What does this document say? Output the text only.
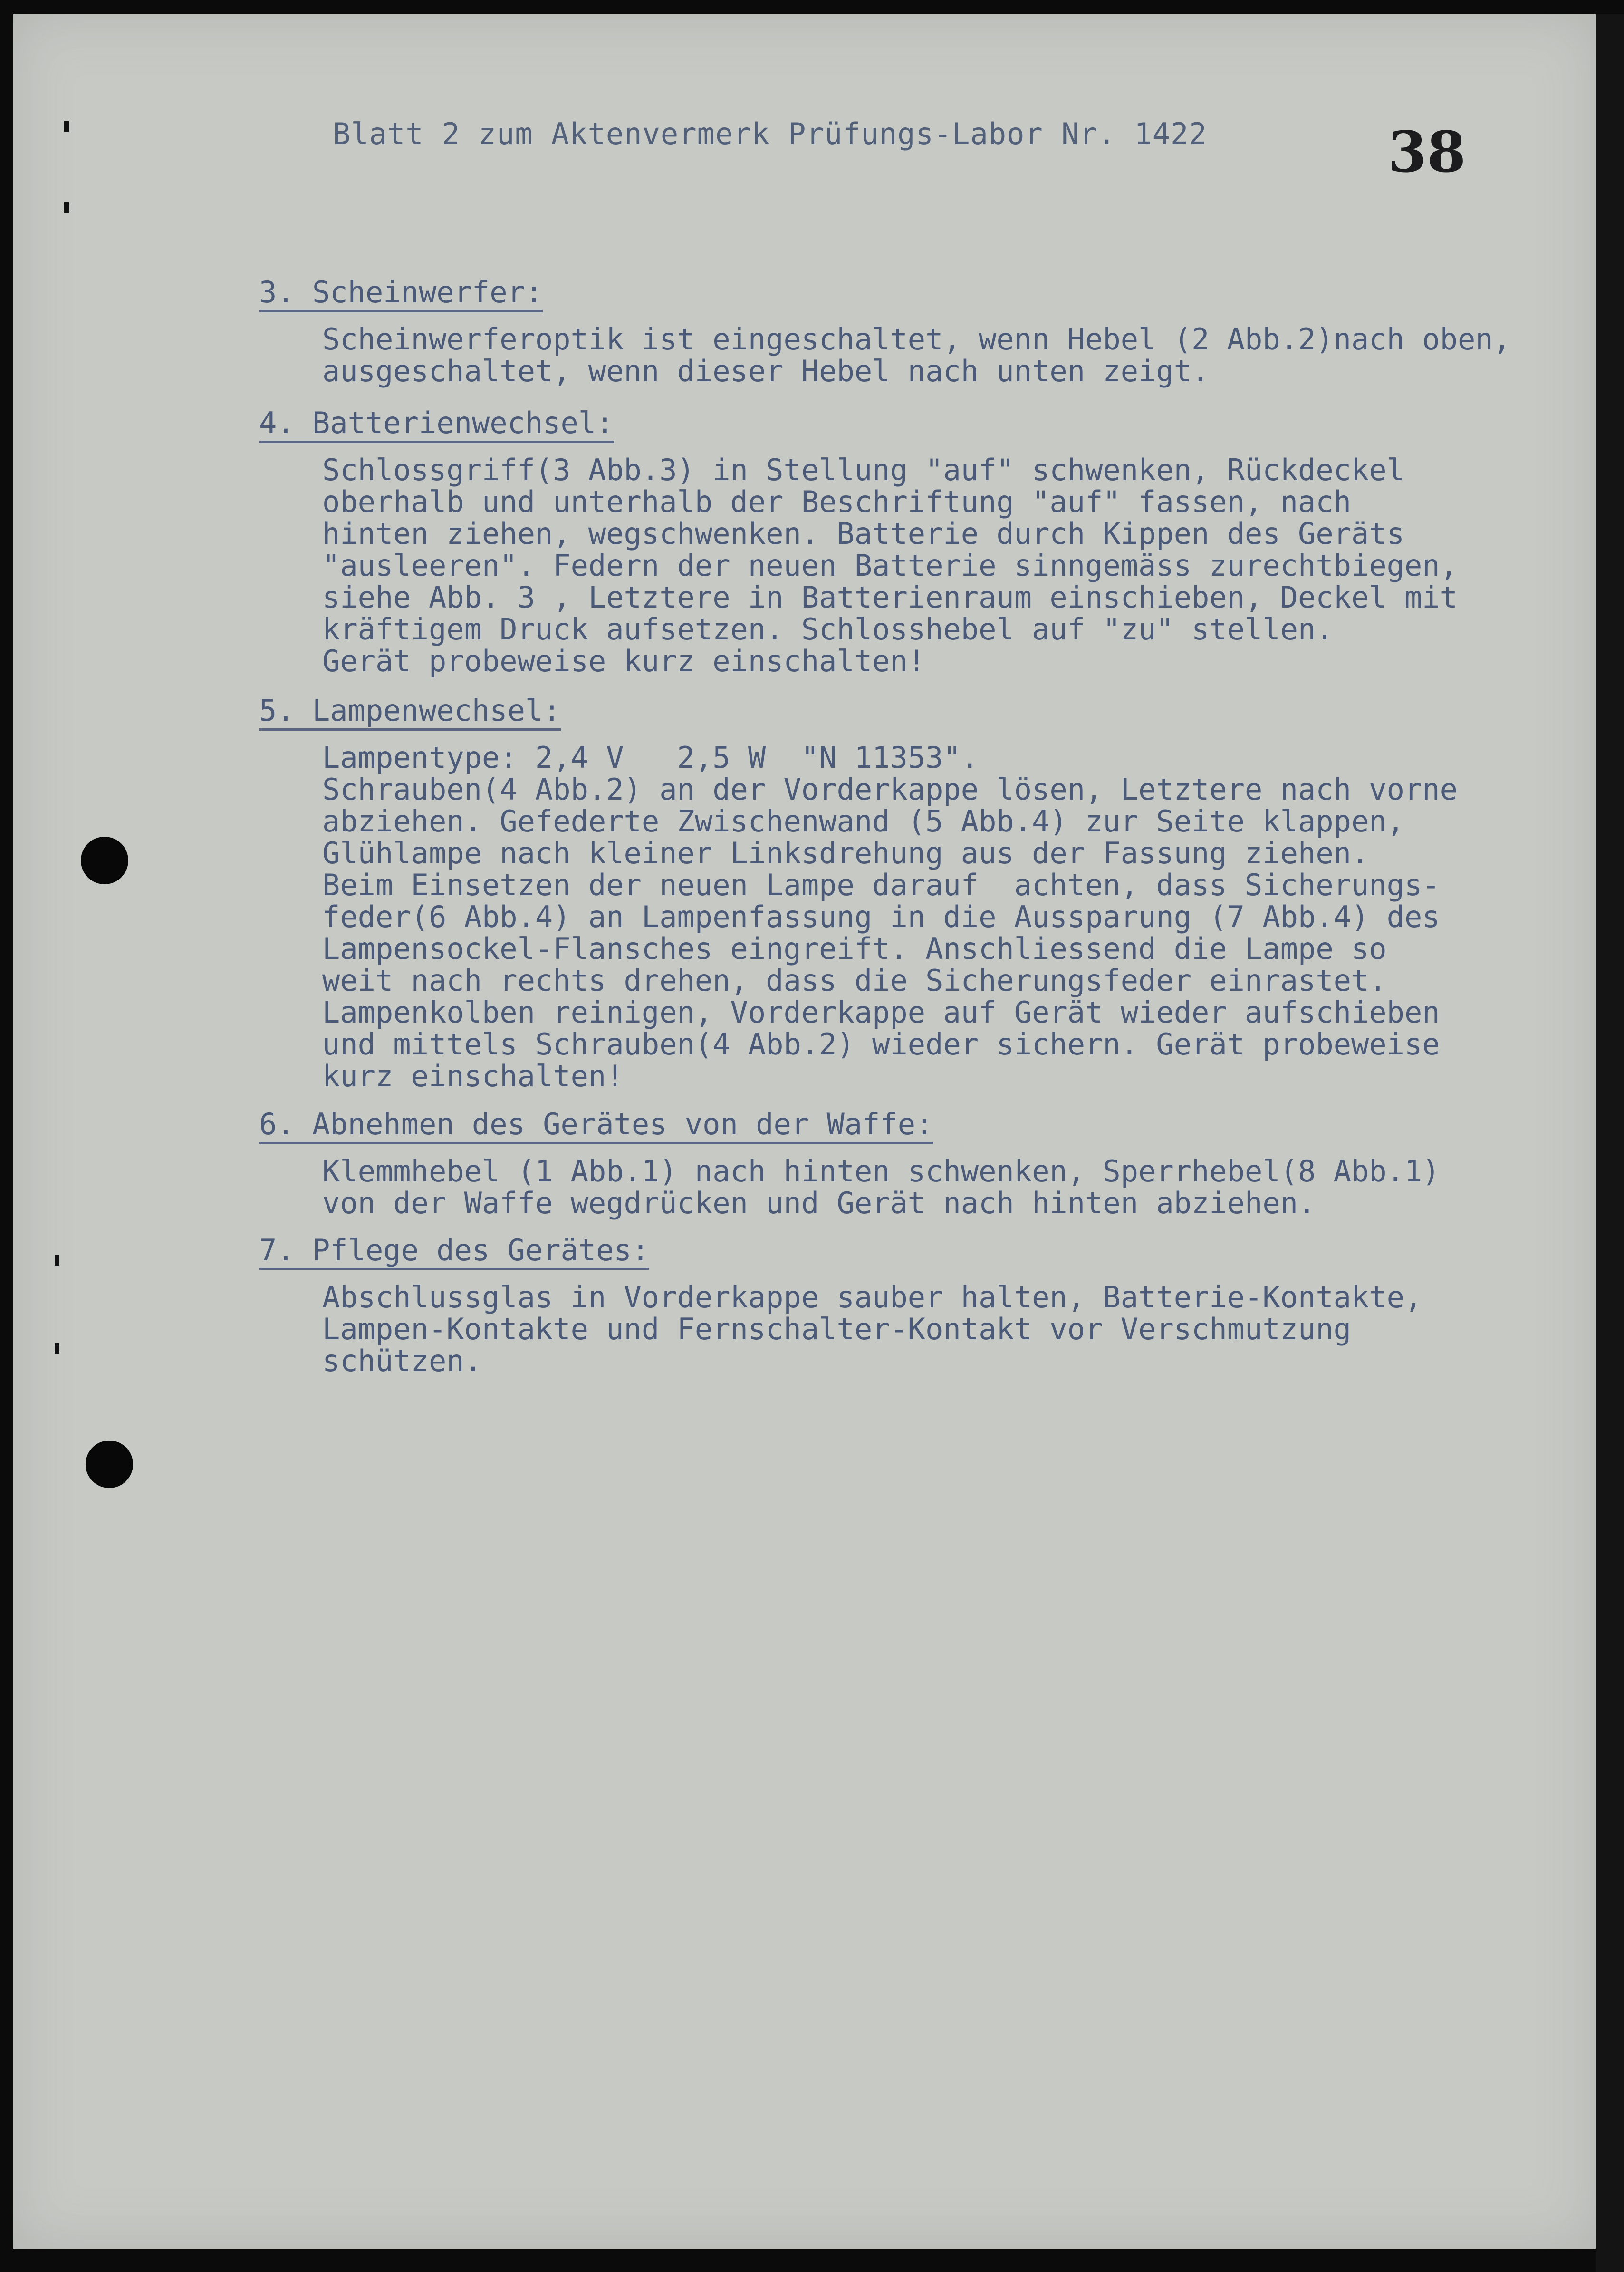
Blatt 2 zum Aktenvermerk Prüfungs-Labor Nr. 1422	38

3. Scheinwerfer:

Scheinwerferoptik ist eingeschaltet, wenn Hebel (2 Abb.2)nach oben,

ausgeschaltet, wenn dieser Hebel nach unten zeigt.

4. Batterienwechsel:

Schlossgriff(3 Abb.3) in Stellung "auf" schwenken, Rückdeckel

oberhalb und unterhalb der Beschriftung "auf" fassen, nach

hinten ziehen, wegschwenken. Batterie durch Kippen des Geräts

"ausleeren". Federn der neuen Batterie sinngemäss zurechtbiegen,

siehe Abb. 3 , Letztere in Batterienraum einschieben, Deckel mit

kräftigem Druck aufsetzen. Schlosshebel auf "zu" stellen.

Gerät probeweise kurz einschalten!

5. Lampenwechsel:

Lampentype: 2,4 V   2,5 W  "N 11353".

Schrauben(4 Abb.2) an der Vorderkappe lösen, Letztere nach vorne

abziehen. Gefederte Zwischenwand (5 Abb.4) zur Seite klappen,

Glühlampe nach kleiner Linksdrehung aus der Fassung ziehen.

Beim Einsetzen der neuen Lampe darauf  achten, dass Sicherungs-

feder(6 Abb.4) an Lampenfassung in die Aussparung (7 Abb.4) des

Lampensockel-Flansches eingreift. Anschliessend die Lampe so

weit nach rechts drehen, dass die Sicherungsfeder einrastet.

Lampenkolben reinigen, Vorderkappe auf Gerät wieder aufschieben

und mittels Schrauben(4 Abb.2) wieder sichern. Gerät probeweise

kurz einschalten!

6. Abnehmen des Gerätes von der Waffe:

Klemmhebel (1 Abb.1) nach hinten schwenken, Sperrhebel(8 Abb.1)

von der Waffe wegdrücken und Gerät nach hinten abziehen.

7. Pflege des Gerätes:

Abschlussglas in Vorderkappe sauber halten, Batterie-Kontakte,

Lampen-Kontakte und Fernschalter-Kontakt vor Verschmutzung

schützen.
